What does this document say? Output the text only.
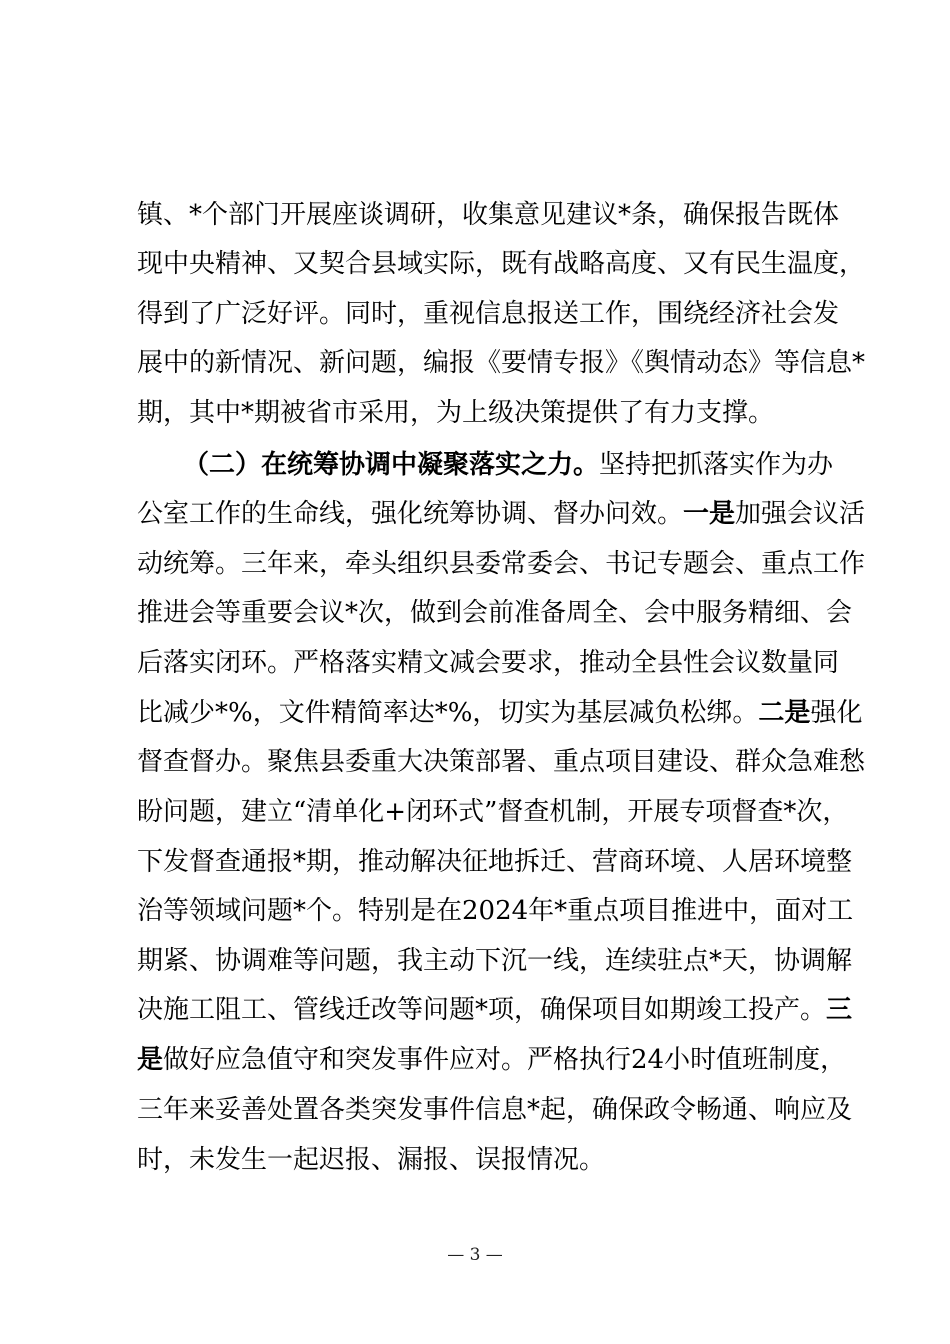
镇、*个部门开展座谈调研，收集意见建议*条，确保报告既体
现中央精神、又契合县域实际，既有战略高度、又有民生温度，
得到了广泛好评。同时，重视信息报送工作，围绕经济社会发
展中的新情况、新问题，编报《要情专报》《舆情动态》等信息*
期，其中*期被省市采用，为上级决策提供了有力支撑。
（二）在统筹协调中凝聚落实之力。坚持把抓落实作为办
公室工作的生命线，强化统筹协调、督办问效。一是加强会议活
动统筹。三年来，牵头组织县委常委会、书记专题会、重点工作
推进会等重要会议*次，做到会前准备周全、会中服务精细、会
后落实闭环。严格落实精文减会要求，推动全县性会议数量同
比减少*%，文件精简率达*%，切实为基层减负松绑。二是强化
督查督办。聚焦县委重大决策部署、重点项目建设、群众急难愁
盼问题，建立“清单化+闭环式”督查机制，开展专项督查*次，
下发督查通报*期，推动解决征地拆迁、营商环境、人居环境整
治等领域问题*个。特别是在2024年*重点项目推进中，面对工
期紧、协调难等问题，我主动下沉一线，连续驻点*天，协调解
决施工阻工、管线迁改等问题*项，确保项目如期竣工投产。三
是做好应急值守和突发事件应对。严格执行24小时值班制度，
三年来妥善处置各类突发事件信息*起，确保政令畅通、响应及
时，未发生一起迟报、漏报、误报情况。
— 3 —
